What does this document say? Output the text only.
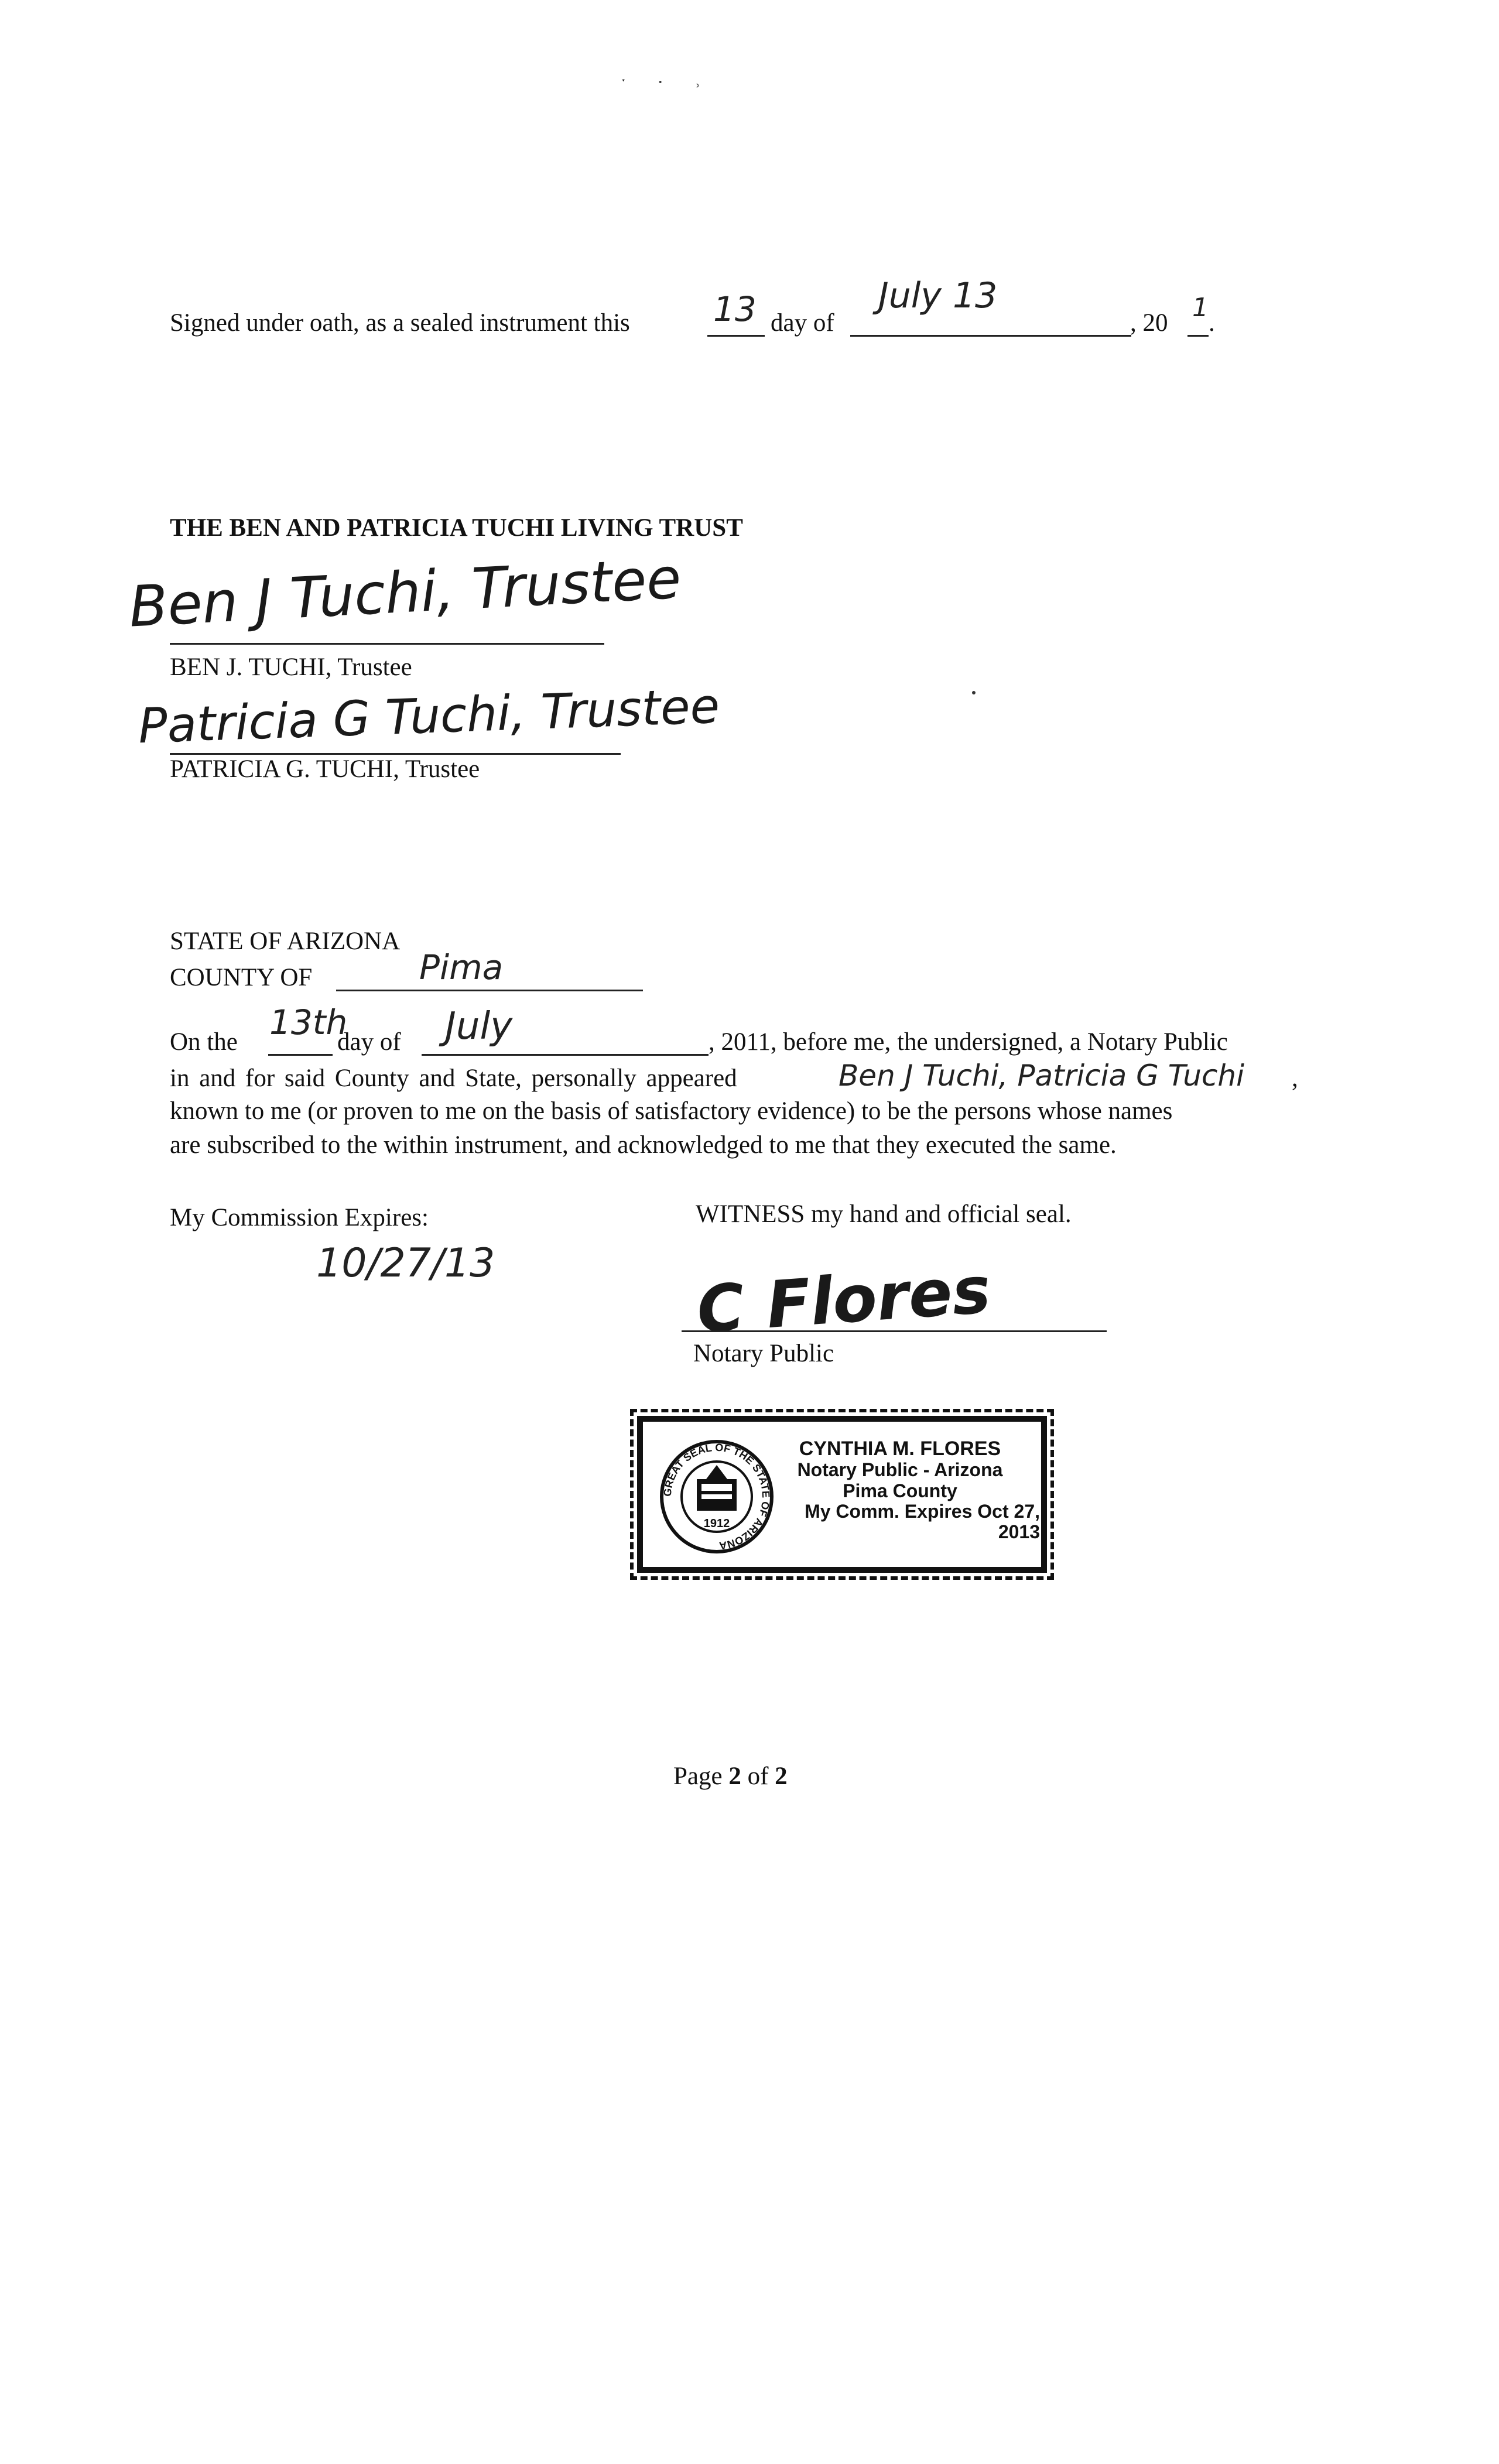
ˑ · ˒
Signed under oath, as a sealed instrument this 13 day of
July 13
, 20
1
.
THE BEN AND PATRICIA TUCHI LIVING TRUST
Ben J Tuchi, Trustee
BEN J. TUCHI, Trustee
Patricia G Tuchi, Trustee
PATRICIA G. TUCHI, Trustee
STATE OF ARIZONA
COUNTY OF	Pima
On the 13th
day of July	, 2011, before me, the undersigned, a Notary Public
in and for said County and State, personally appeared	Ben J Tuchi, Patricia G Tuchi ,
known to me (or proven to me on the basis of satisfactory evidence) to be the persons whose names
are subscribed to the within instrument, and acknowledged to me that they executed the same.
My Commission Expires:
10/27/13
WITNESS my hand and official seal.
C Flores
Notary Public
GREAT SEAL OF THE STATE OF ARIZONA
1912
CYNTHIA M. FLORES
Notary Public - Arizona
Pima County
My Comm. Expires Oct 27, 2013
Page 2 of 2
